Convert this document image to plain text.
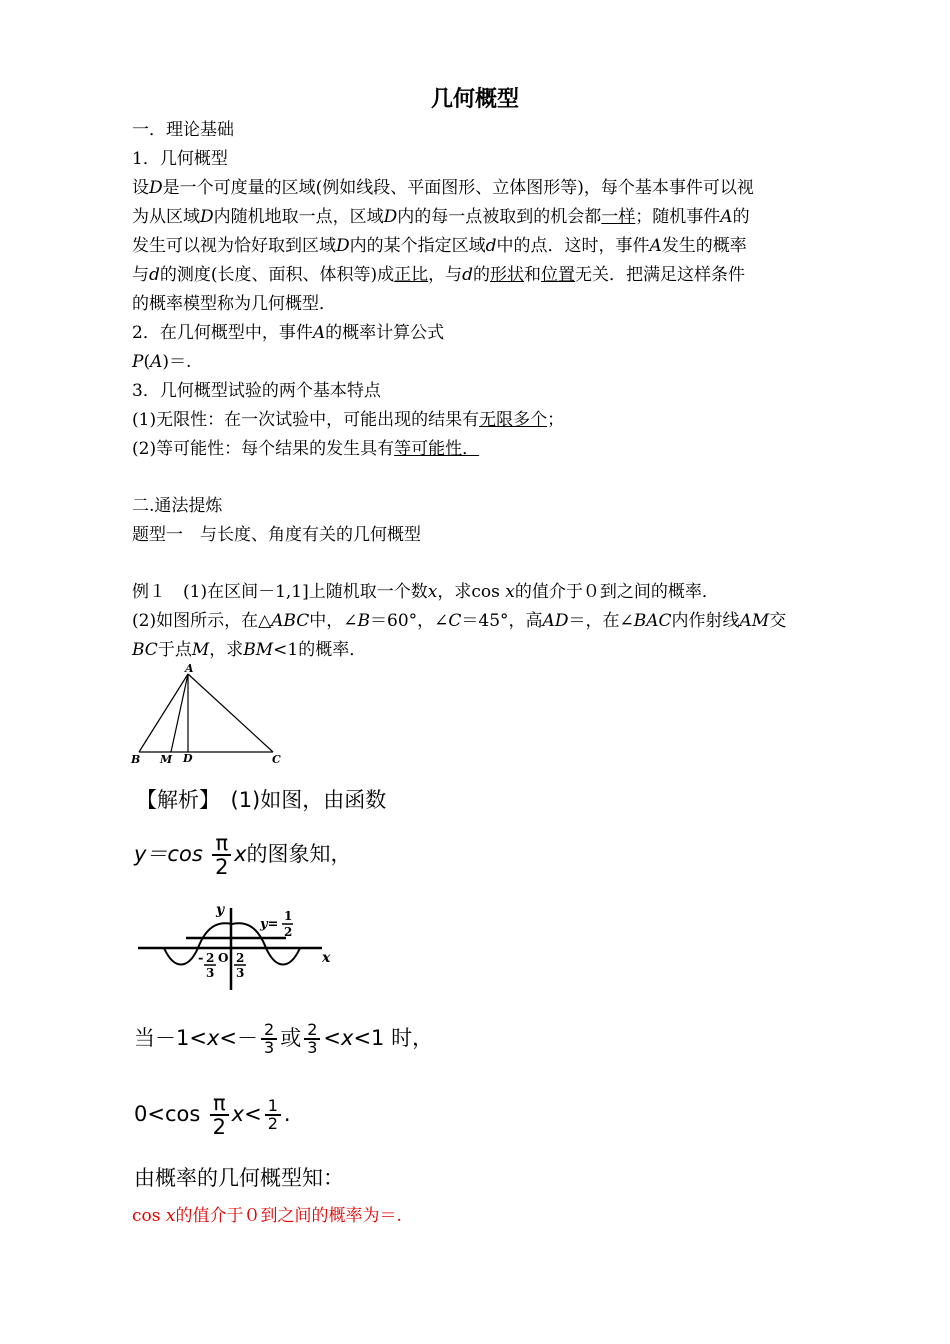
几何概型
一．理论基础
1．几何概型
设D是一个可度量的区域(例如线段、平面图形、立体图形等)，每个基本事件可以视
为从区域D内随机地取一点，区域D内的每一点被取到的机会都一样；随机事件A的
发生可以视为恰好取到区域D内的某个指定区域d中的点．这时，事件A发生的概率
与d的测度(长度、面积、体积等)成正比，与d的形状和位置无关．把满足这样条件
的概率模型称为几何概型．
2．在几何概型中，事件A的概率计算公式
P(A)＝.
3．几何概型试验的两个基本特点
(1)无限性：在一次试验中，可能出现的结果有无限多个；
(2)等可能性：每个结果的发生具有等可能性．
二.通法提炼
题型一　与长度、角度有关的几何概型
例１　(1)在区间－1,1]上随机取一个数x，求cos x的值介于０到之间的概率．
(2)如图所示，在△ABC中，∠B＝60°，∠C＝45°，高AD＝，在∠BAC内作射线AM交
BC于点M，求BM<1的概率．
A
B M D	C
【解析】　(1)如图，由函数
$y=\cos \frac{\pi}{2}$ x的图象知，
y
x
y=
1
2
- 2
3
O 2
3
当$-1<x<- \frac{2}{3}$ 或 $\frac{2}{3} <x<1$ 时，
$0<\cos \frac{\pi}{2} x< \frac{1}{2}$ .
由概率的几何概型知：
cos x的值介于０到之间的概率为＝.
